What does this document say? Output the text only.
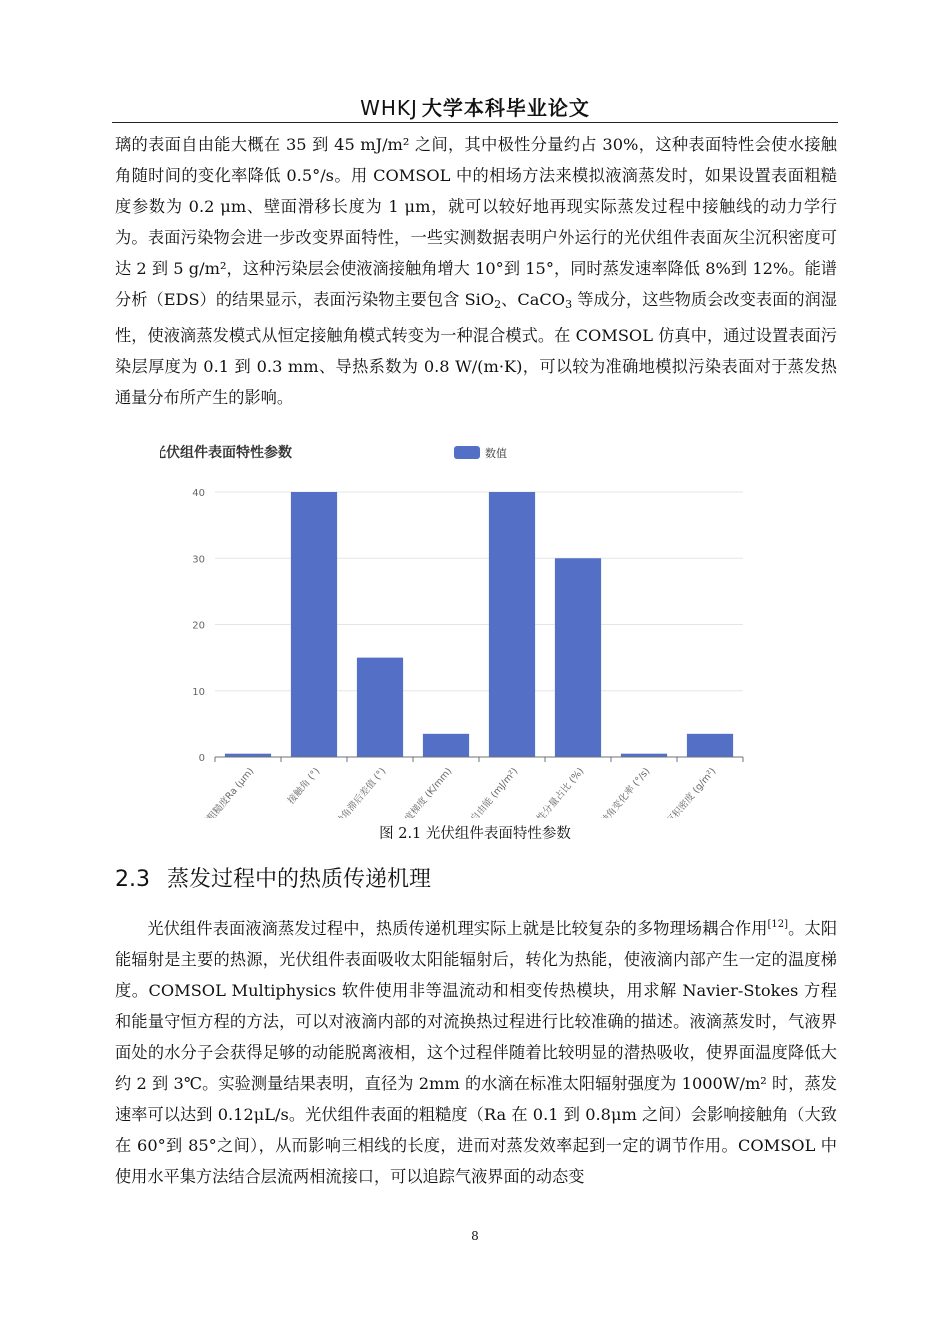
WHKJ 大学本科毕业论文

璃的表面自由能大概在 35 到 45 mJ/m² 之间，其中极性分量约占 30%，这种表面特性会使水接触角随时间的变化率降低 0.5°/s。用 COMSOL 中的相场方法来模拟液滴蒸发时，如果设置表面粗糙度参数为 0.2 μm、壁面滑移长度为 1 μm，就可以较好地再现实际蒸发过程中接触线的动力学行为。表面污染物会进一步改变界面特性，一些实测数据表明户外运行的光伏组件表面灰尘沉积密度可达 2 到 5 g/m²，这种污染层会使液滴接触角增大 10°到 15°，同时蒸发速率降低 8%到 12%。能谱分析（EDS）的结果显示，表面污染物主要包含 SiO$_2$、CaCO$_3$ 等成分，这些物质会改变表面的润湿性，使液滴蒸发模式从恒定接触角模式转变为一种混合模式。在 COMSOL 仿真中，通过设置表面污染层厚度为 0.1 到 0.3 mm、导热系数为 0.8 W/(m·K)，可以较为准确地模拟污染表面对于蒸发热通量分布所产生的影响。

光伏组件表面特性参数	数值
0
10
20
30
40
表面粗糙度Ra (μm)	接触角 (°) 接触角滞后差值 (°) 温度梯度 (K/mm) 表面自由能 (mJ/m²) 极性分量占比 (%) 接触角变化率 (°/s) 灰尘沉积密度 (g/m²)
图 2.1 光伏组件表面特性参数
2.3 蒸发过程中的热质传递机理

光伏组件表面液滴蒸发过程中，热质传递机理实际上就是比较复杂的多物理场耦合作用[12]。太阳能辐射是主要的热源，光伏组件表面吸收太阳能辐射后，转化为热能，使液滴内部产生一定的温度梯度。COMSOL Multiphysics 软件使用非等温流动和相变传热模块，用求解 Navier-Stokes 方程和能量守恒方程的方法，可以对液滴内部的对流换热过程进行比较准确的描述。液滴蒸发时，气液界面处的水分子会获得足够的动能脱离液相，这个过程伴随着比较明显的潜热吸收，使界面温度降低大约 2 到 3℃。实验测量结果表明，直径为 2mm 的水滴在标准太阳辐射强度为 1000W/m² 时，蒸发速率可以达到 0.12μL/s。光伏组件表面的粗糙度（Ra 在 0.1 到 0.8μm 之间）会影响接触角（大致在 60°到 85°之间），从而影响三相线的长度，进而对蒸发效率起到一定的调节作用。COMSOL 中使用水平集方法结合层流两相流接口，可以追踪气液界面的动态变

8
